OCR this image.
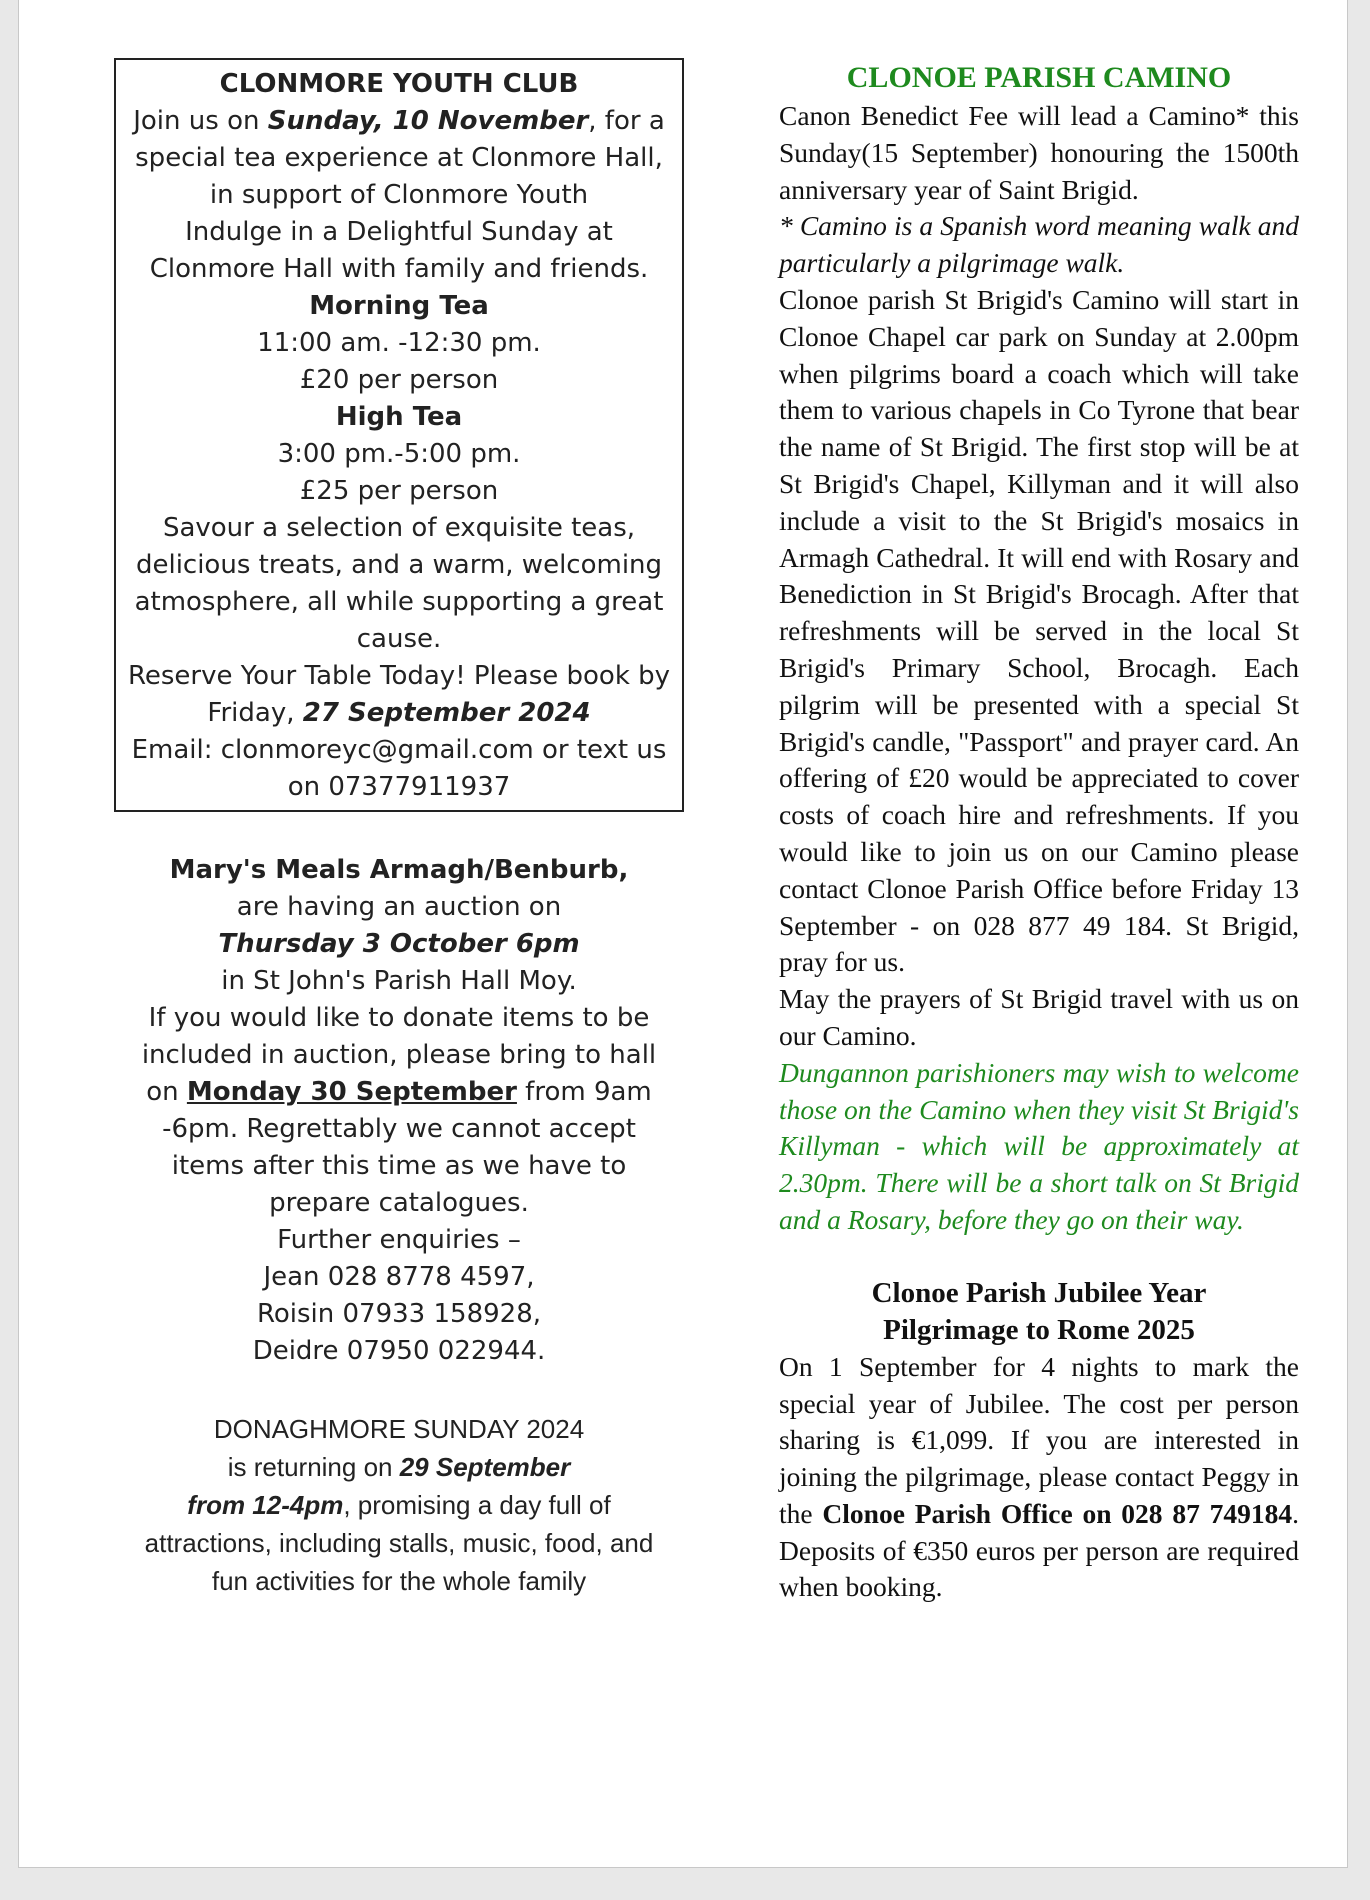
CLONMORE YOUTH CLUB

Join us on Sunday, 10 November, for a special tea experience at Clonmore Hall, in support of Clonmore Youth

Indulge in a Delightful Sunday at Clonmore Hall with family and friends.

Morning Tea

11:00 am. -12:30 pm.

£20 per person

High Tea

3:00 pm.-5:00 pm.

£25 per person

Savour a selection of exquisite teas, delicious treats, and a warm, welcoming atmosphere, all while supporting a great cause.

Reserve Your Table Today! Please book by Friday, 27 September 2024

Email: clonmoreyc@gmail.com or text us on 07377911937

Mary's Meals Armagh/Benburb,

are having an auction on

Thursday 3 October 6pm

in St John's Parish Hall Moy.

If you would like to donate items to be included in auction, please bring to hall on Monday 30 September from 9am -6pm. Regrettably we cannot accept items after this time as we have to prepare catalogues.

Further enquiries –

Jean 028 8778 4597,

Roisin 07933 158928,

Deidre 07950 022944.

DONAGHMORE SUNDAY 2024

is returning on 29 September

from 12-4pm, promising a day full of attractions, including stalls, music, food, and fun activities for the whole family

CLONOE PARISH CAMINO

Canon Benedict Fee will lead a Camino* this Sunday(15 September) honouring the 1500th anniversary year of Saint Brigid.

* Camino is a Spanish word meaning walk and particularly a pilgrimage walk.

Clonoe parish St Brigid's Camino will start in Clonoe Chapel car park on Sunday at 2.00pm when pilgrims board a coach which will take them to various chapels in Co Tyrone that bear the name of St Brigid. The first stop will be at St Brigid's Chapel, Killyman and it will also include a visit to the St Brigid's mosaics in Armagh Cathedral. It will end with Rosary and Benediction in St Brigid's Brocagh. After that refreshments will be served in the local St Brigid's Primary School, Brocagh. Each pilgrim will be presented with a special St Brigid's candle, "Passport" and prayer card. An offering of £20 would be appreciated to cover costs of coach hire and refreshments. If you would like to join us on our Camino please contact Clonoe Parish Office before Friday 13 September - on 028 877 49 184. St Brigid, pray for us.

May the prayers of St Brigid travel with us on our Camino.

Dungannon parishioners may wish to welcome those on the Camino when they visit St Brigid's Killyman - which will be approximately at 2.30pm. There will be a short talk on St Brigid and a Rosary, before they go on their way.

Clonoe Parish Jubilee Year

Pilgrimage to Rome 2025

On 1 September for 4 nights to mark the special year of Jubilee. The cost per person sharing is €1,099. If you are interested in joining the pilgrimage, please contact Peggy in the Clonoe Parish Office on 028 87 749184. Deposits of €350 euros per person are required when booking.
